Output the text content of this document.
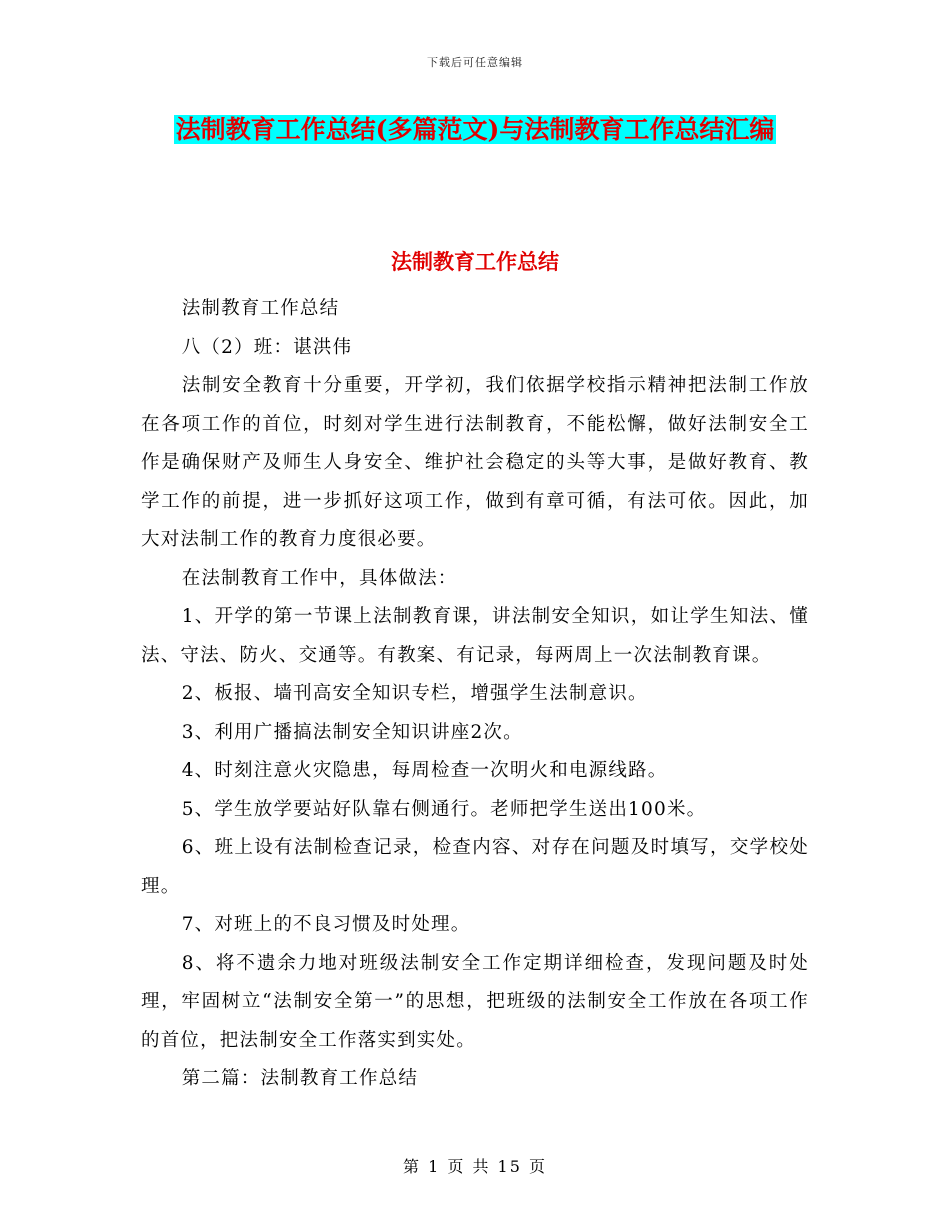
下载后可任意编辑
法制教育工作总结(多篇范文)与法制教育工作总结汇编
法制教育工作总结

法制教育工作总结

八（2）班：谌洪伟

法制安全教育十分重要，开学初，我们依据学校指示精神把法制工作放在各项工作的首位，时刻对学生进行法制教育，不能松懈，做好法制安全工作是确保财产及师生人身安全、维护社会稳定的头等大事，是做好教育、教学工作的前提，进一步抓好这项工作，做到有章可循，有法可依。因此，加大对法制工作的教育力度很必要。

在法制教育工作中，具体做法：

1、开学的第一节课上法制教育课，讲法制安全知识，如让学生知法、懂法、守法、防火、交通等。有教案、有记录，每两周上一次法制教育课。

2、板报、墙刊高安全知识专栏，增强学生法制意识。

3、利用广播搞法制安全知识讲座2次。

4、时刻注意火灾隐患，每周检查一次明火和电源线路。

5、学生放学要站好队靠右侧通行。老师把学生送出100米。

6、班上设有法制检查记录，检查内容、对存在问题及时填写，交学校处理。

7、对班上的不良习惯及时处理。

8、将不遗余力地对班级法制安全工作定期详细检查，发现问题及时处理，牢固树立“法制安全第一”的思想，把班级的法制安全工作放在各项工作的首位，把法制安全工作落实到实处。

第二篇：法制教育工作总结

第 1 页 共 15 页
